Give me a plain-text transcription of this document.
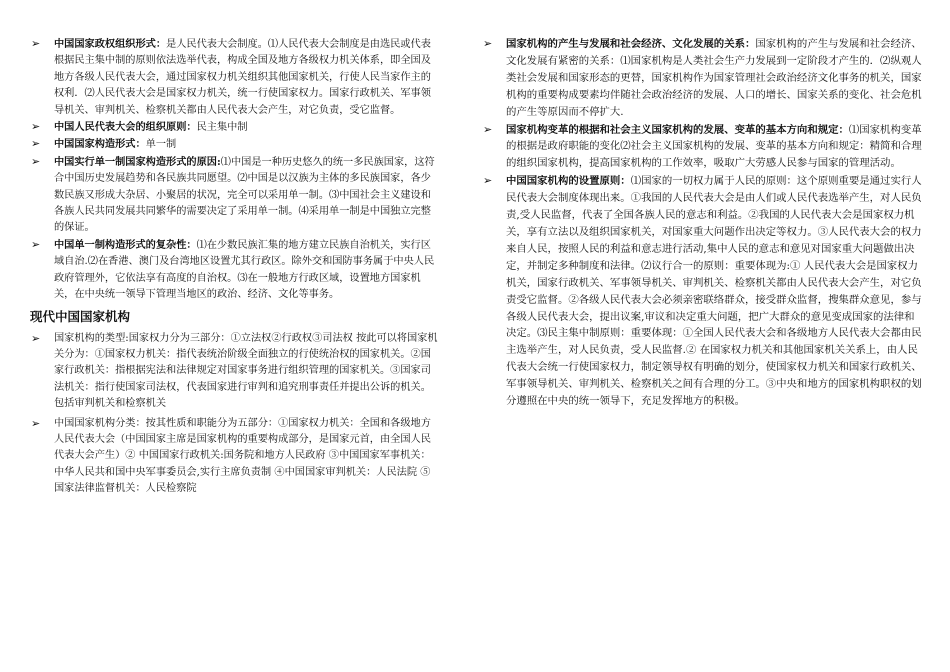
➢ 中国国家政权组织形式：是人民代表大会制度。⑴人民代表大会制度是由选民或代表根据民主集中制的原则依法选举代表，构成全国及地方各级权力机关体系，即全国及地方各级人民代表大会，通过国家权力机关组织其他国家机关，行使人民当家作主的权利．⑵人民代表大会是国家权力机关，统一行使国家权力。国家行政机关、军事领导机关、审判机关、检察机关都由人民代表大会产生，对它负责，受它监督。
➢ 中国人民代表大会的组织原则：民主集中制
➢ 中国国家构造形式：单一制
➢ 中国实行单一制国家构造形式的原因:⑴中国是一种历史悠久的统一多民族国家，这符合中国历史发展趋势和各民族共同愿望。⑵中国是以汉族为主体的多民族国家，各少数民族又形成大杂居、小聚居的状况，完全可以采用单一制。⑶中国社会主义建设和各族人民共同发展共同繁华的需要决定了采用单一制。⑷采用单一制是中国独立完整的保证。
➢ 中国单一制构造形式的复杂性：⑴在少数民族汇集的地方建立民族自治机关，实行区域自治.⑵在香港、澳门及台湾地区设置尤其行政区。除外交和国防事务属于中央人民政府管理外，它依法享有高度的自治权。⑶在一般地方行政区域，设置地方国家机关，在中央统一领导下管理当地区的政治、经济、文化等事务。
现代中国国家机构
➢ 国家机构的类型:国家权力分为三部分：①立法权②行政权③司法权 按此可以将国家机关分为：①国家权力机关：指代表统治阶级全面独立的行使统治权的国家机关。②国家行政机关：指根据宪法和法律规定对国家事务进行组织管理的国家机关。③国家司法机关：指行使国家司法权，代表国家进行审判和追究刑事责任并提出公诉的机关。包括审判机关和检察机关
➢ 中国国家机构分类：按其性质和职能分为五部分：①国家权力机关：全国和各级地方人民代表大会（中国国家主席是国家机构的重要构成部分，是国家元首，由全国人民代表大会产生）② 中国国家行政机关:国务院和地方人民政府 ③中国国家军事机关：中华人民共和国中央军事委员会,实行主席负责制 ④中国国家审判机关：人民法院 ⑤国家法律监督机关：人民检察院
➢ 国家机构的产生与发展和社会经济、文化发展的关系：国家机构的产生与发展和社会经济、文化发展有紧密的关系：⑴国家机构是人类社会生产力发展到一定阶段才产生的．⑵纵观人类社会发展和国家形态的更替，国家机构作为国家管理社会政治经济文化事务的机关，国家机构的重要构成要素均伴随社会政治经济的发展、人口的增长、国家关系的变化、社会危机的产生等原因而不停扩大.
➢ 国家机构变革的根据和社会主义国家机构的发展、变革的基本方向和规定：⑴国家机构变革的根据是政府职能的变化⑵社会主义国家机构的发展、变革的基本方向和规定：精简和合理的组织国家机构，提高国家机构的工作效率，吸取广大劳感人民参与国家的管理活动。
➢ 中国国家机构的设置原则：⑴国家的一切权力属于人民的原则：这个原则重要是通过实行人民代表大会制度体现出来。①我国的人民代表大会是由人们或人民代表选举产生，对人民负责,受人民监督，代表了全国各族人民的意志和利益。②我国的人民代表大会是国家权力机关，享有立法以及组织国家机关，对国家重大问题作出决定等权力。③人民代表大会的权力来自人民，按照人民的利益和意志进行活动,集中人民的意志和意见对国家重大问题做出决定，并制定多种制度和法律。⑵议行合一的原则：重要体现为:① 人民代表大会是国家权力机关，国家行政机关、军事领导机关、审判机关、检察机关都由人民代表大会产生，对它负责受它监督。②各级人民代表大会必须亲密联络群众，接受群众监督，搜集群众意见，参与各级人民代表大会，提出议案,审议和决定重大问题，把广大群众的意见变成国家的法律和决定。⑶民主集中制原则：重要体现：①全国人民代表大会和各级地方人民代表大会都由民主选举产生，对人民负责，受人民监督.② 在国家权力机关和其他国家机关关系上，由人民代表大会统一行使国家权力，制定领导权有明确的划分，使国家权力机关和国家行政机关、军事领导机关、审判机关、检察机关之间有合理的分工。③中央和地方的国家机构职权的划分遵照在中央的统一领导下，充足发挥地方的积极。
